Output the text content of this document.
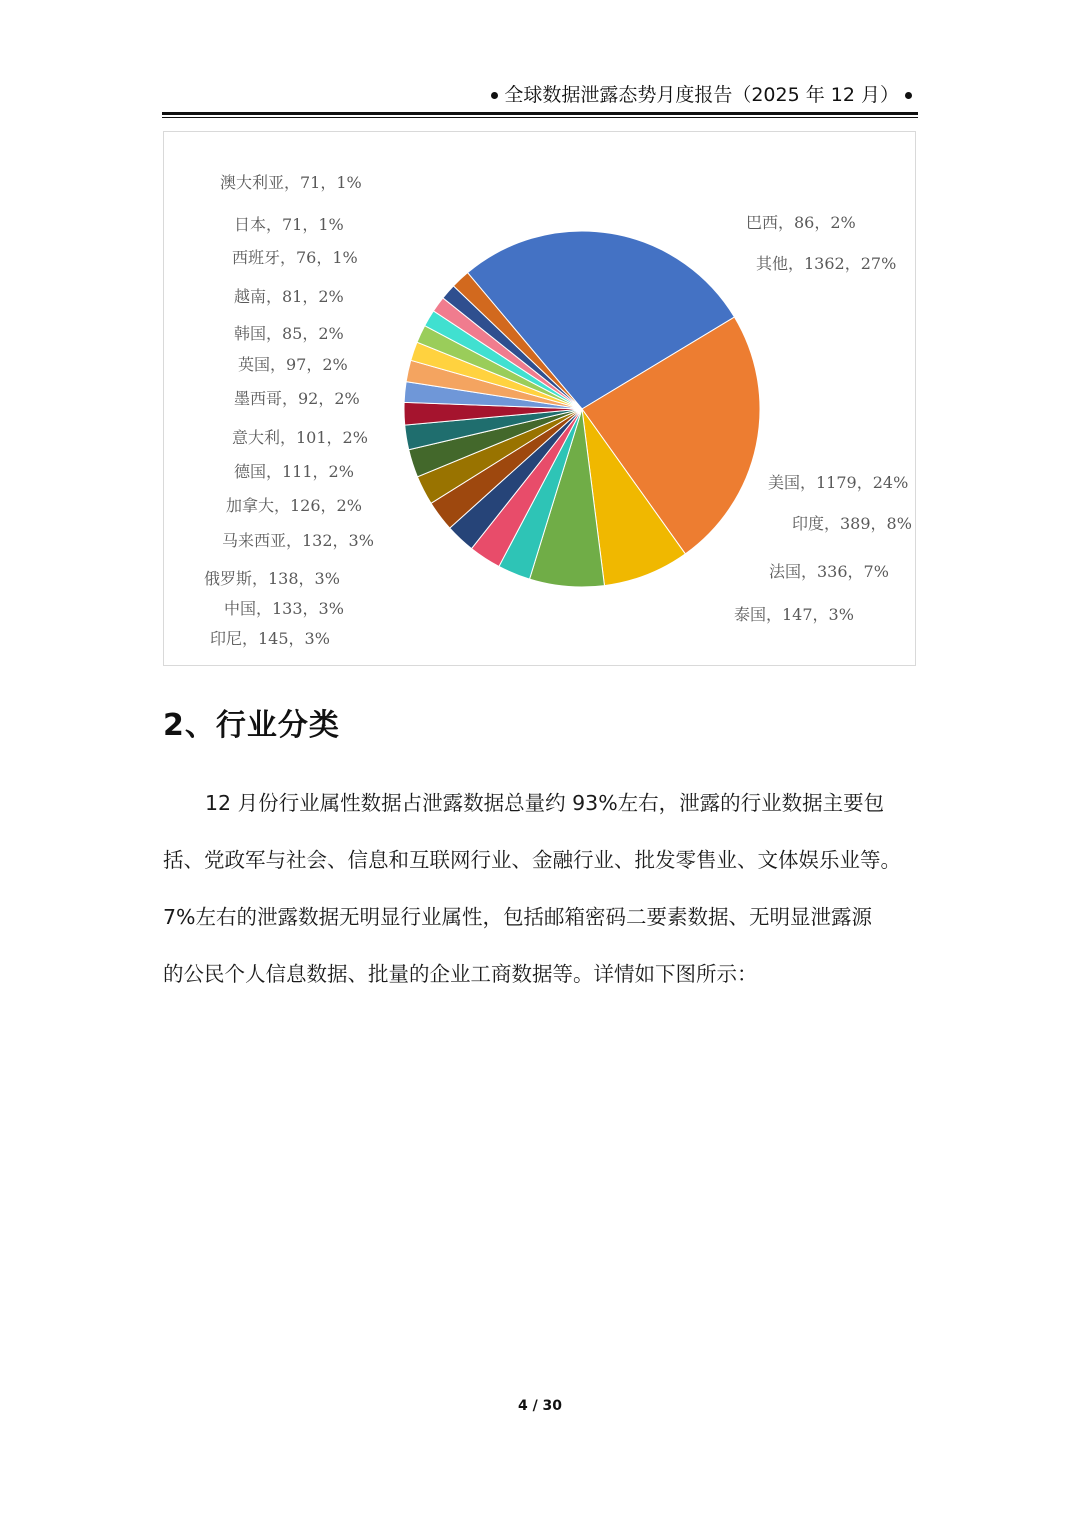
全球数据泄露态势月度报告（2025 年 12 月）
其他，1362，27%
美国，1179，24%
印度，389，8%
法国，336，7%
泰国，147，3%
印尼，145，3%
中国，133，3%
俄罗斯，138，3%
马来西亚，132，3%
加拿大，126，2%
德国，111，2%
意大利，101，2%
墨西哥，92，2%
英国，97，2%
韩国，85，2%
越南，81，2%
西班牙，76，1%
日本，71，1%
澳大利亚，71，1%
巴西，86，2%
2、行业分类
12 月份行业属性数据占泄露数据总量约 93%左右，泄露的行业数据主要包
括、党政军与社会、信息和互联网行业、金融行业、批发零售业、文体娱乐业等。
7%左右的泄露数据无明显行业属性，包括邮箱密码二要素数据、无明显泄露源
的公民个人信息数据、批量的企业工商数据等。详情如下图所示：
4 / 30
